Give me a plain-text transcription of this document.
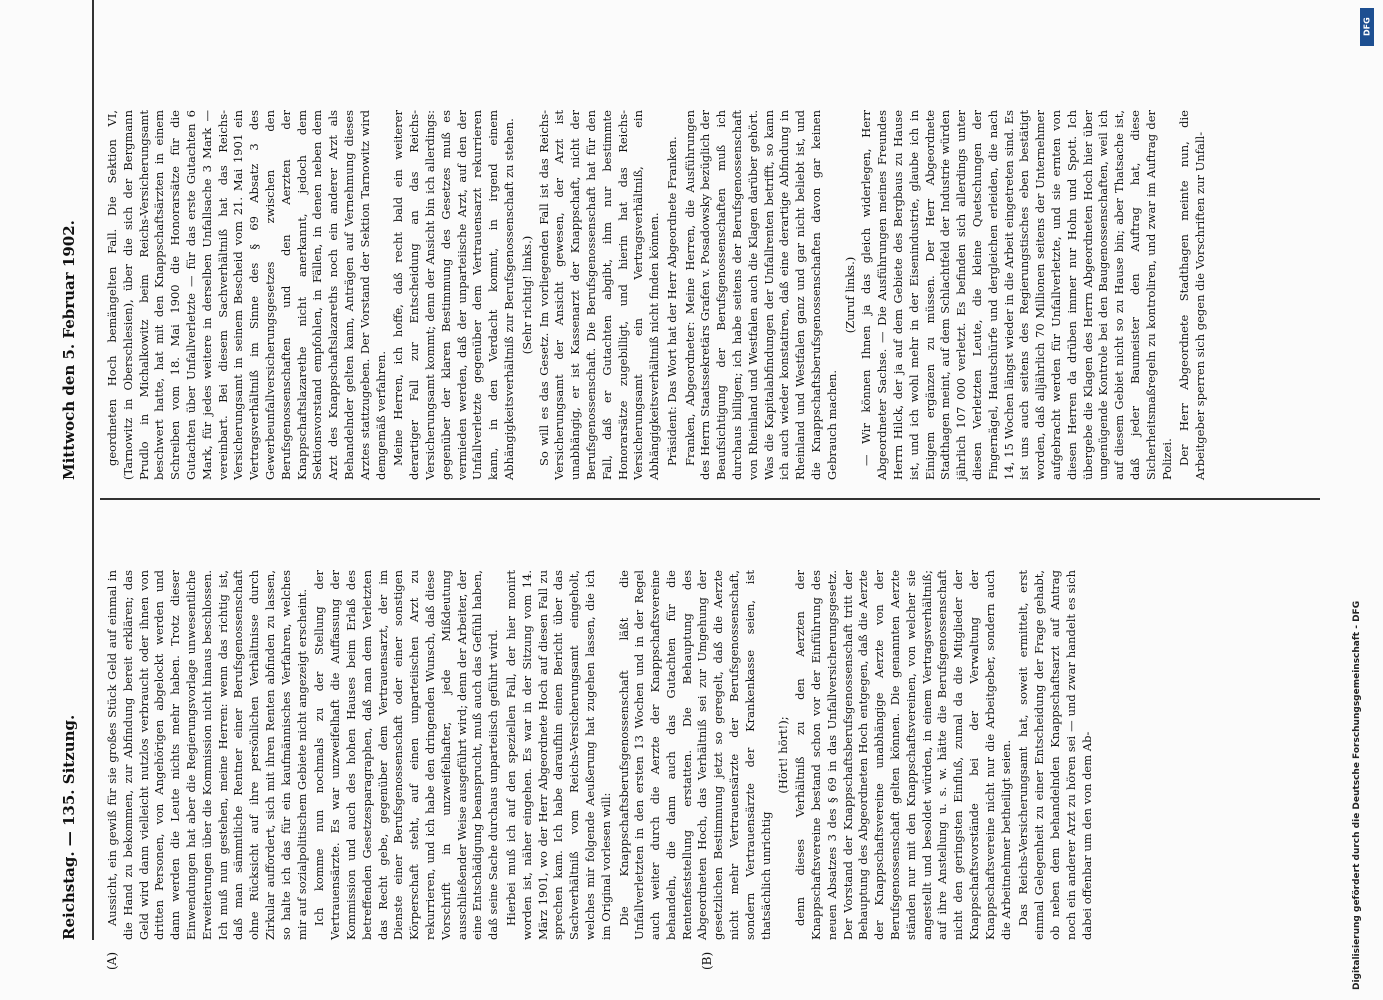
Reichstag. — 135. Sitzung.
Mittwoch den 5. Februar 1902.
(A)	(B)

Aussicht, ein gewiß für sie großes Stück Geld auf einmal in die Hand zu bekommen, zur Abfindung bereit erklären; das Geld wird dann vielleicht nutzlos verbraucht oder ihnen von dritten Personen, von Angehörigen abgelockt werden und dann werden die Leute nichts mehr haben. Trotz dieser Einwendungen hat aber die Regierungsvorlage unwesentliche Erweiterungen über die Kommission nicht hinaus beschlossen. Ich muß nun gestehen, meine Herren: wenn das richtig ist, daß man sämmtliche Rentner einer Berufsgenossenschaft ohne Rücksicht auf ihre persönlichen Verhältnisse durch Zirkular auffordert, sich mit ihren Renten abfinden zu lassen, so halte ich das für ein kaufmännisches Verfahren, welches mir auf sozialpolitischem Gebiete nicht angezeigt erscheint. Ich komme nun nochmals zu der Stellung der Vertrauensärzte. Es war unzweifelhaft die Auffassung der Kommission und auch des hohen Hauses beim Erlaß des betreffenden Gesetzesparagraphen, daß man dem Verletzten das Recht gebe, gegenüber dem Vertrauensarzt, der im Dienste einer Berufsgenossenschaft oder einer sonstigen Körperschaft steht, auf einen unparteiischen Arzt zu rekurrieren, und ich habe den dringenden Wunsch, daß diese Vorschrift in unzweifelhafter, jede Mißdeutung ausschließender Weise ausgeführt wird; denn der Arbeiter, der eine Entschädigung beansprucht, muß auch das Gefühl haben, daß seine Sache durchaus unparteiisch geführt wird. Hierbei muß ich auf den speziellen Fall, der hier monirt worden ist, näher eingehen. Es war in der Sitzung vom 14. März 1901, wo der Herr Abgeordnete Hoch auf diesen Fall zu sprechen kam. Ich habe daraufhin einen Bericht über das Sachverhältniß vom Reichs-Versicherungsamt eingeholt, welches mir folgende Aeußerung hat zugehen lassen, die ich im Original vorlesen will: Die Knappschaftsberufsgenossenschaft läßt die Unfallverletzten in den ersten 13 Wochen und in der Regel auch weiter durch die Aerzte der Knappschaftsvereine behandeln, die dann auch das Gutachten für die Rentenfeststellung erstatten. Die Behauptung des Abgeordneten Hoch, das Verhältniß sei zur Umgehung der gesetzlichen Bestimmung jetzt so geregelt, daß die Aerzte nicht mehr Vertrauensärzte der Berufsgenossenschaft, sondern Vertrauensärzte der Krankenkasse seien, ist thatsächlich unrichtig

(Hört! hört!); denn dieses Verhältniß zu den Aerzten der Knappschaftsvereine bestand schon vor der Einführung des neuen Absatzes 3 des § 69 in das Unfallversicherungsgesetz. Der Vorstand der Knappschaftsberufsgenossenschaft tritt der Behauptung des Abgeordneten Hoch entgegen, daß die Aerzte der Knappschaftsvereine unabhängige Aerzte von der Berufsgenossenschaft gelten können. Die genannten Aerzte ständen nur mit den Knappschaftsvereinen, von welcher sie angestellt und besoldet würden, in einem Vertragsverhältniß; auf ihre Anstellung u. s. w. hätte die Berufsgenossenschaft nicht den geringsten Einfluß, zumal da die Mitglieder der Knappschaftsvorstände bei der Verwaltung der Knappschaftsvereine nicht nur die Arbeitgeber, sondern auch die Arbeitnehmer betheiligt seien. Das Reichs-Versicherungsamt hat, soweit ermittelt, erst einmal Gelegenheit zu einer Entscheidung der Frage gehabt, ob neben dem behandelnden Knappschaftsarzt auf Antrag noch ein anderer Arzt zu hören sei — und zwar handelt es sich dabei offenbar um den von dem Ab-

geordneten Hoch bemängelten Fall. Die Sektion VI, (Tarnowitz in Oberschlesien), über die sich der Bergmann Prudlo in Michalkowitz beim Reichs-Versicherungsamt beschwert hatte, hat mit den Knappschaftsärzten in einem Schreiben vom 18. Mai 1900 die Honorarsätze für die Gutachten über Unfallverletzte — für das erste Gutachten 6 Mark, für jedes weitere in derselben Unfallsache 3 Mark — vereinbart. Bei diesem Sachverhältniß hat das Reichs-Versicherungsamt in seinem Bescheid vom 21. Mai 1901 ein Vertragsverhältniß im Sinne des § 69 Absatz 3 des Gewerbeunfallversicherungsgesetzes zwischen den Berufsgenossenschaften und den Aerzten der Knappschaftslazarethe nicht anerkannt, jedoch dem Sektionsvorstand empfohlen, in Fällen, in denen neben dem Arzt des Knappschaftslazareths noch ein anderer Arzt als Behandelnder gelten kann, Anträgen auf Vernehmung dieses Arztes stattzugeben. Der Vorstand der Sektion Tarnowitz wird demgemäß verfahren. Meine Herren, ich hoffe, daß recht bald ein weiterer derartiger Fall zur Entscheidung an das Reichs-Versicherungsamt kommt; denn der Ansicht bin ich allerdings: gegenüber der klaren Bestimmung des Gesetzes muß es vermieden werden, daß der unparteiische Arzt, auf den der Unfallverletzte gegenüber dem Vertrauensarzt rekurrieren kann, in den Verdacht kommt, in irgend einem Abhängigkeitsverhältniß zur Berufsgenossenschaft zu stehen. (Sehr richtig! links.) So will es das Gesetz. Im vorliegenden Fall ist das Reichs-Versicherungsamt der Ansicht gewesen, der Arzt ist unabhängig, er ist Kassenarzt der Knappschaft, nicht der Berufsgenossenschaft. Die Berufsgenossenschaft hat für den Fall, daß er Gutachten abgibt, ihm nur bestimmte Honorarsätze zugebilligt, und hierin hat das Reichs-Versicherungsamt ein Vertragsverhältniß, ein Abhängigkeitsverhältniß nicht finden können. Präsident: Das Wort hat der Herr Abgeordnete Franken. Franken, Abgeordneter: Meine Herren, die Ausführungen des Herrn Staatssekretärs Grafen v. Posadowsky bezüglich der Beaufsichtigung der Berufsgenossenschaften muß ich durchaus billigen; ich habe seitens der Berufsgenossenschaft von Rheinland und Westfalen auch die Klagen darüber gehört. Was die Kapitalabfindungen der Unfallrenten betrifft, so kann ich auch wieder konstatiren, daß eine derartige Abfindung in Rheinland und Westfalen ganz und gar nicht beliebt ist, und die Knappschaftsberufsgenossenschaften davon gar keinen Gebrauch machen.

(Zuruf links.) — Wir können Ihnen ja das gleich widerlegen, Herr Abgeordneter Sachse. — Die Ausführungen meines Freundes Herrn Hilck, der ja auf dem Gebiete des Bergbaus zu Hause ist, und ich wohl mehr in der Eisenindustrie, glaube ich in Einigem ergänzen zu müssen. Der Herr Abgeordnete Stadthagen meint, auf dem Schlachtfeld der Industrie würden jährlich 107 000 verletzt. Es befinden sich allerdings unter diesen Verletzten Leute, die kleine Quetschungen der Fingernägel, Hautschürfe und dergleichen erleiden, die nach 14, 15 Wochen längst wieder in die Arbeit eingetreten sind. Es ist uns auch seitens des Regierungstisches eben bestätigt worden, daß alljährlich 70 Millionen seitens der Unternehmer aufgebracht werden für Unfallverletzte, und sie ernten von diesen Herren da drüben immer nur Hohn und Spott. Ich übergebe die Klagen des Herrn Abgeordneten Hoch hier über ungenügende Kontrole bei den Baugenossenschaften, weil ich auf diesem Gebiet nicht so zu Hause bin; aber Thatsache ist, daß jeder Baumeister den Auftrag hat, diese Sicherheitsmaßregeln zu kontroliren, und zwar im Auftrag der Polizei. Der Herr Abgeordnete Stadthagen meinte nun, die Arbeitgeber sperren sich gegen die Vorschriften zur Unfall-

DFG
Digitalisierung gefördert durch die Deutsche Forschungsgemeinschaft - DFG
